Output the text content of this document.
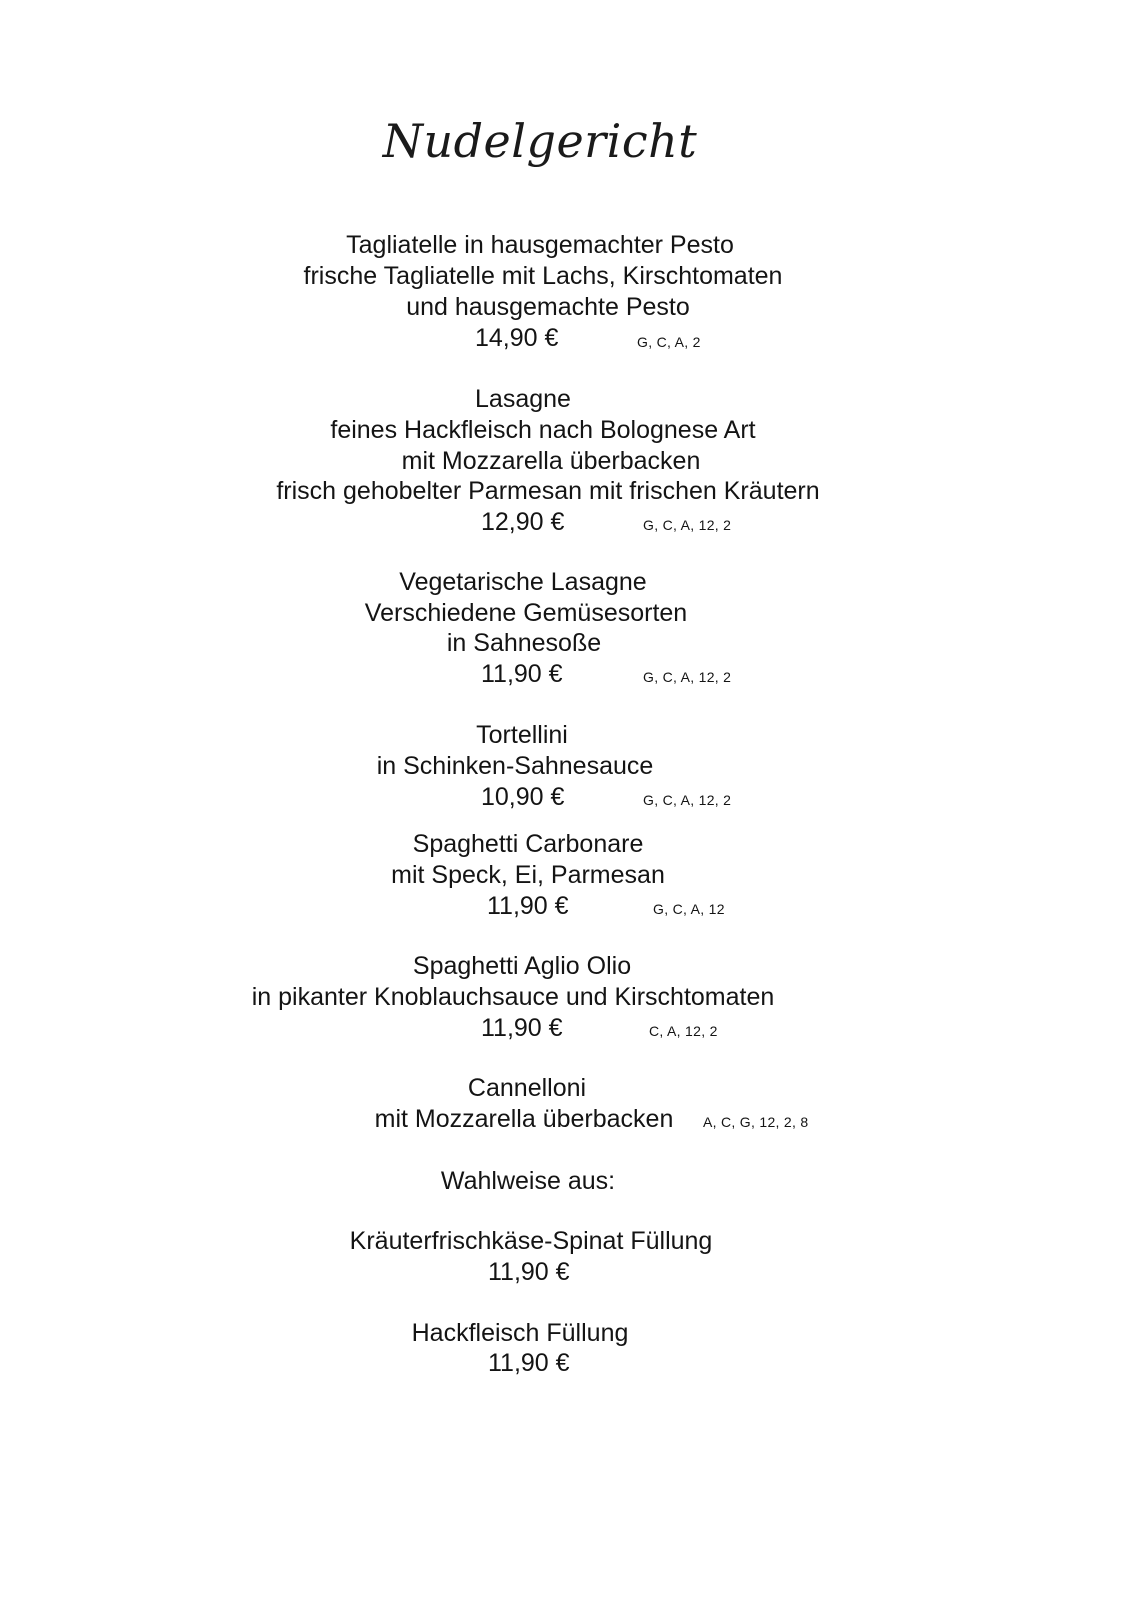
Nudelgericht
Tagliatelle in hausgemachter Pesto
frische Tagliatelle mit Lachs, Kirschtomaten
und hausgemachte Pesto
14,90 €	G, C, A, 2
Lasagne
feines Hackfleisch nach Bolognese Art
mit Mozzarella überbacken
frisch gehobelter Parmesan mit frischen Kräutern
12,90 €	G, C, A, 12, 2
Vegetarische Lasagne
Verschiedene Gemüsesorten
in Sahnesoße
11,90 €	G, C, A, 12, 2
Tortellini
in Schinken-Sahnesauce
10,90 €	G, C, A, 12, 2
Spaghetti Carbonare
mit Speck, Ei, Parmesan
11,90 €	G, C, A, 12
Spaghetti Aglio Olio
in pikanter Knoblauchsauce und Kirschtomaten
11,90 €	C, A, 12, 2
Cannelloni
mit Mozzarella überbacken A, C, G, 12, 2, 8
Wahlweise aus:
Kräuterfrischkäse-Spinat Füllung
11,90 €
Hackfleisch Füllung
11,90 €
